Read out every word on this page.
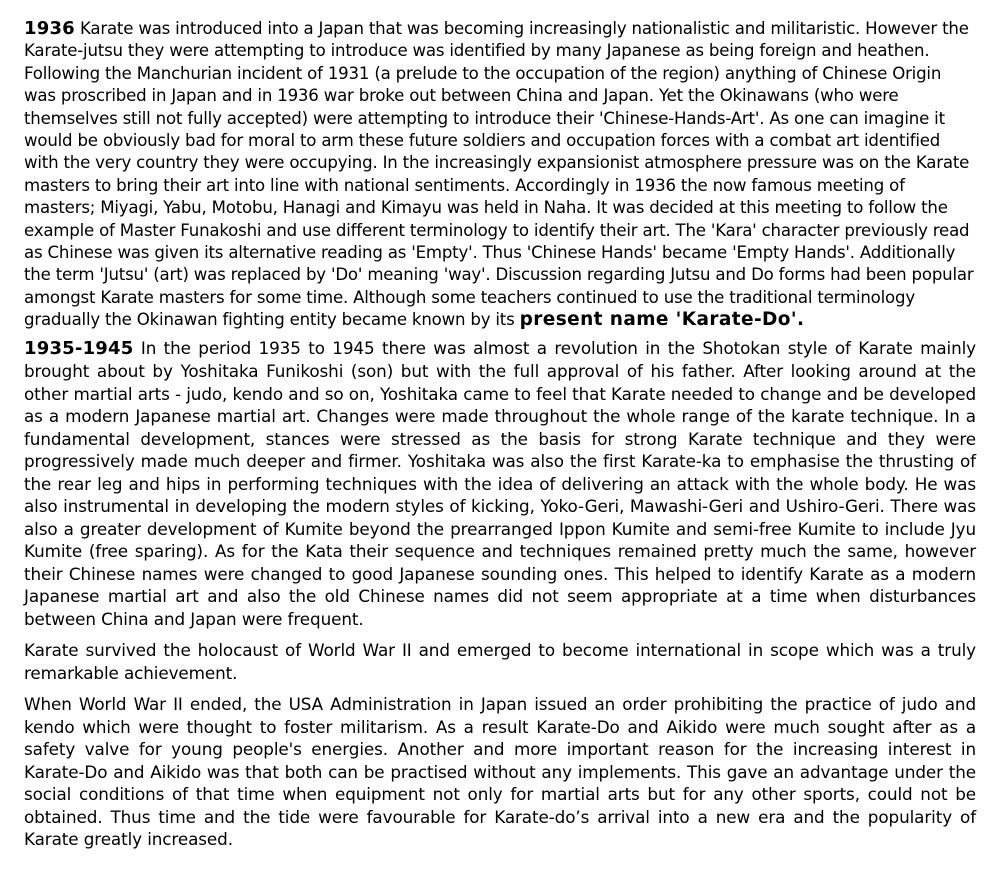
1936 Karate was introduced into a Japan that was becoming increasingly nationalistic and militaristic. However the Karate-jutsu they were attempting to introduce was identified by many Japanese as being foreign and heathen. Following the Manchurian incident of 1931 (a prelude to the occupation of the region) anything of Chinese Origin was proscribed in Japan and in 1936 war broke out between China and Japan. Yet the Okinawans (who were themselves still not fully accepted) were attempting to introduce their 'Chinese-Hands-Art'. As one can imagine it would be obviously bad for moral to arm these future soldiers and occupation forces with a combat art identified with the very country they were occupying. In the increasingly expansionist atmosphere pressure was on the Karate masters to bring their art into line with national sentiments. Accordingly in 1936 the now famous meeting of masters; Miyagi, Yabu, Motobu, Hanagi and Kimayu was held in Naha. It was decided at this meeting to follow the example of Master Funakoshi and use different terminology to identify their art. The 'Kara' character previously read as Chinese was given its alternative reading as 'Empty'. Thus 'Chinese Hands' became 'Empty Hands'. Additionally the term 'Jutsu' (art) was replaced by 'Do' meaning 'way'. Discussion regarding Jutsu and Do forms had been popular amongst Karate masters for some time. Although some teachers continued to use the traditional terminology gradually the Okinawan fighting entity became known by its present name 'Karate-Do'.

1935-1945 In the period 1935 to 1945 there was almost a revolution in the Shotokan style of Karate mainly brought about by Yoshitaka Funikoshi (son) but with the full approval of his father. After looking around at the other martial arts - judo, kendo and so on, Yoshitaka came to feel that Karate needed to change and be developed as a modern Japanese martial art. Changes were made throughout the whole range of the karate technique. In a fundamental development, stances were stressed as the basis for strong Karate technique and they were progressively made much deeper and firmer. Yoshitaka was also the first Karate-ka to emphasise the thrusting of the rear leg and hips in performing techniques with the idea of delivering an attack with the whole body. He was also instrumental in developing the modern styles of kicking, Yoko-Geri, Mawashi-Geri and Ushiro-Geri. There was also a greater development of Kumite beyond the prearranged Ippon Kumite and semi-free Kumite to include Jyu Kumite (free sparing). As for the Kata their sequence and techniques remained pretty much the same, however their Chinese names were changed to good Japanese sounding ones. This helped to identify Karate as a modern Japanese martial art and also the old Chinese names did not seem appropriate at a time when disturbances between China and Japan were frequent.

Karate survived the holocaust of World War II and emerged to become international in scope which was a truly remarkable achievement.

When World War II ended, the USA Administration in Japan issued an order prohibiting the practice of judo and kendo which were thought to foster militarism. As a result Karate-Do and Aikido were much sought after as a safety valve for young people's energies. Another and more important reason for the increasing interest in Karate-Do and Aikido was that both can be practised without any implements. This gave an advantage under the social conditions of that time when equipment not only for martial arts but for any other sports, could not be obtained. Thus time and the tide were favourable for Karate-do’s arrival into a new era and the popularity of Karate greatly increased.
